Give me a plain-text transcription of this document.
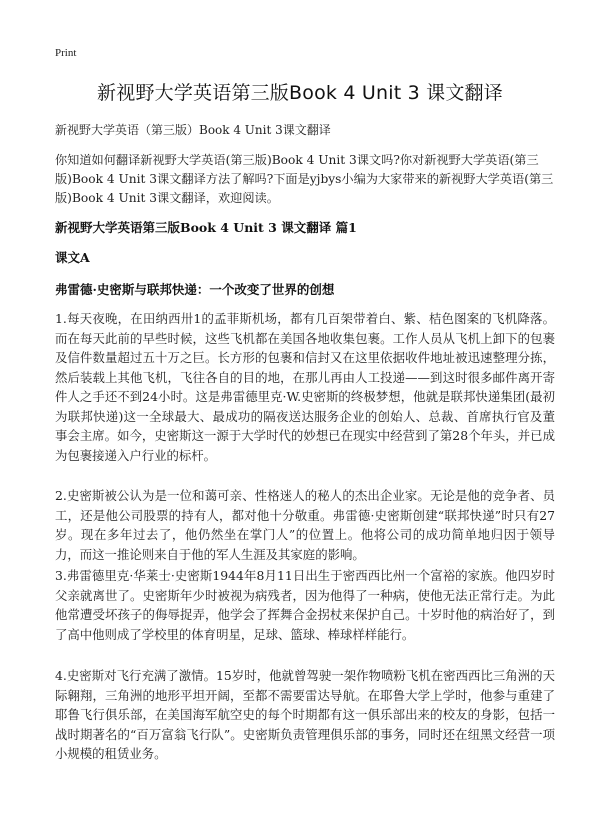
Print
新视野大学英语第三版Book 4 Unit 3 课文翻译
新视野大学英语（第三版）Book 4 Unit 3课文翻译

你知道如何翻译新视野大学英语(第三版)Book 4 Unit 3课文吗?你对新视野大学英语(第三版)Book 4 Unit 3课文翻译方法了解吗?下面是yjbys小编为大家带来的新视野大学英语(第三版)Book 4 Unit 3课文翻译，欢迎阅读。

新视野大学英语第三版Book 4 Unit 3 课文翻译 篇1
课文A
弗雷德·史密斯与联邦快递：一个改变了世界的创想

1.每天夜晚，在田纳西卅1的孟菲斯机场，都有几百架带着白、紫、桔色图案的飞机降落。而在每天此前的早些时候，这些飞机都在美国各地收集包裹。工作人员从飞机上卸下的包裹及信件数量超过五十万之巨。长方形的包裹和信封又在这里依据收件地址被迅速整理分拣，然后装载上其他飞机，飞往各自的目的地，在那儿再由人工投递——到这时很多邮件离开寄件人之手还不到24小时。这是弗雷德里克·W.史密斯的终极梦想，他就是联邦快递集团(最初为联邦快递)这一全球最大、最成功的隔夜送达服务企业的创始人、总裁、首席执行官及董事会主席。如今，史密斯这一源于大学时代的妙想已在现实中经营到了第28个年头，并已成为包裹接递入户行业的标杆。

2.史密斯被公认为是一位和蔼可亲、性格迷人的秘人的杰出企业家。无论是他的竞争者、员工，还是他公司股票的持有人，都对他十分敬重。弗雷德·史密斯创建“联邦快递”时只有27岁。现在多年过去了，他仍然坐在掌门人”的位置上。他将公司的成功简单地归因于领导力，而这一推论则来自于他的军人生涯及其家庭的影响。

3.弗雷德里克·华莱士·史密斯1944年8月11日出生于密西西比州一个富裕的家族。他四岁时父亲就离世了。史密斯年少时被视为病残者，因为他得了一种病，使他无法正常行走。为此他常遭受坏孩子的侮辱捉弄，他学会了挥舞合金拐杖来保护自己。十岁时他的病治好了，到了高中他则成了学校里的体育明星，足球、篮球、棒球样样能行。

4.史密斯对飞行充满了激情。15岁时，他就曾驾驶一架作物喷粉飞机在密西西比三角洲的天际翱翔，三角洲的地形平坦开阔，至都不需要雷达导航。在耶鲁大学上学时，他参与重建了耶鲁飞行俱乐部，在美国海军航空史的每个时期都有这一俱乐部出来的校友的身影，包括一战时期著名的“百万富翁飞行队”。史密斯负责管理俱乐部的事务，同时还在纽黑文经营一项小规模的租赁业务。
